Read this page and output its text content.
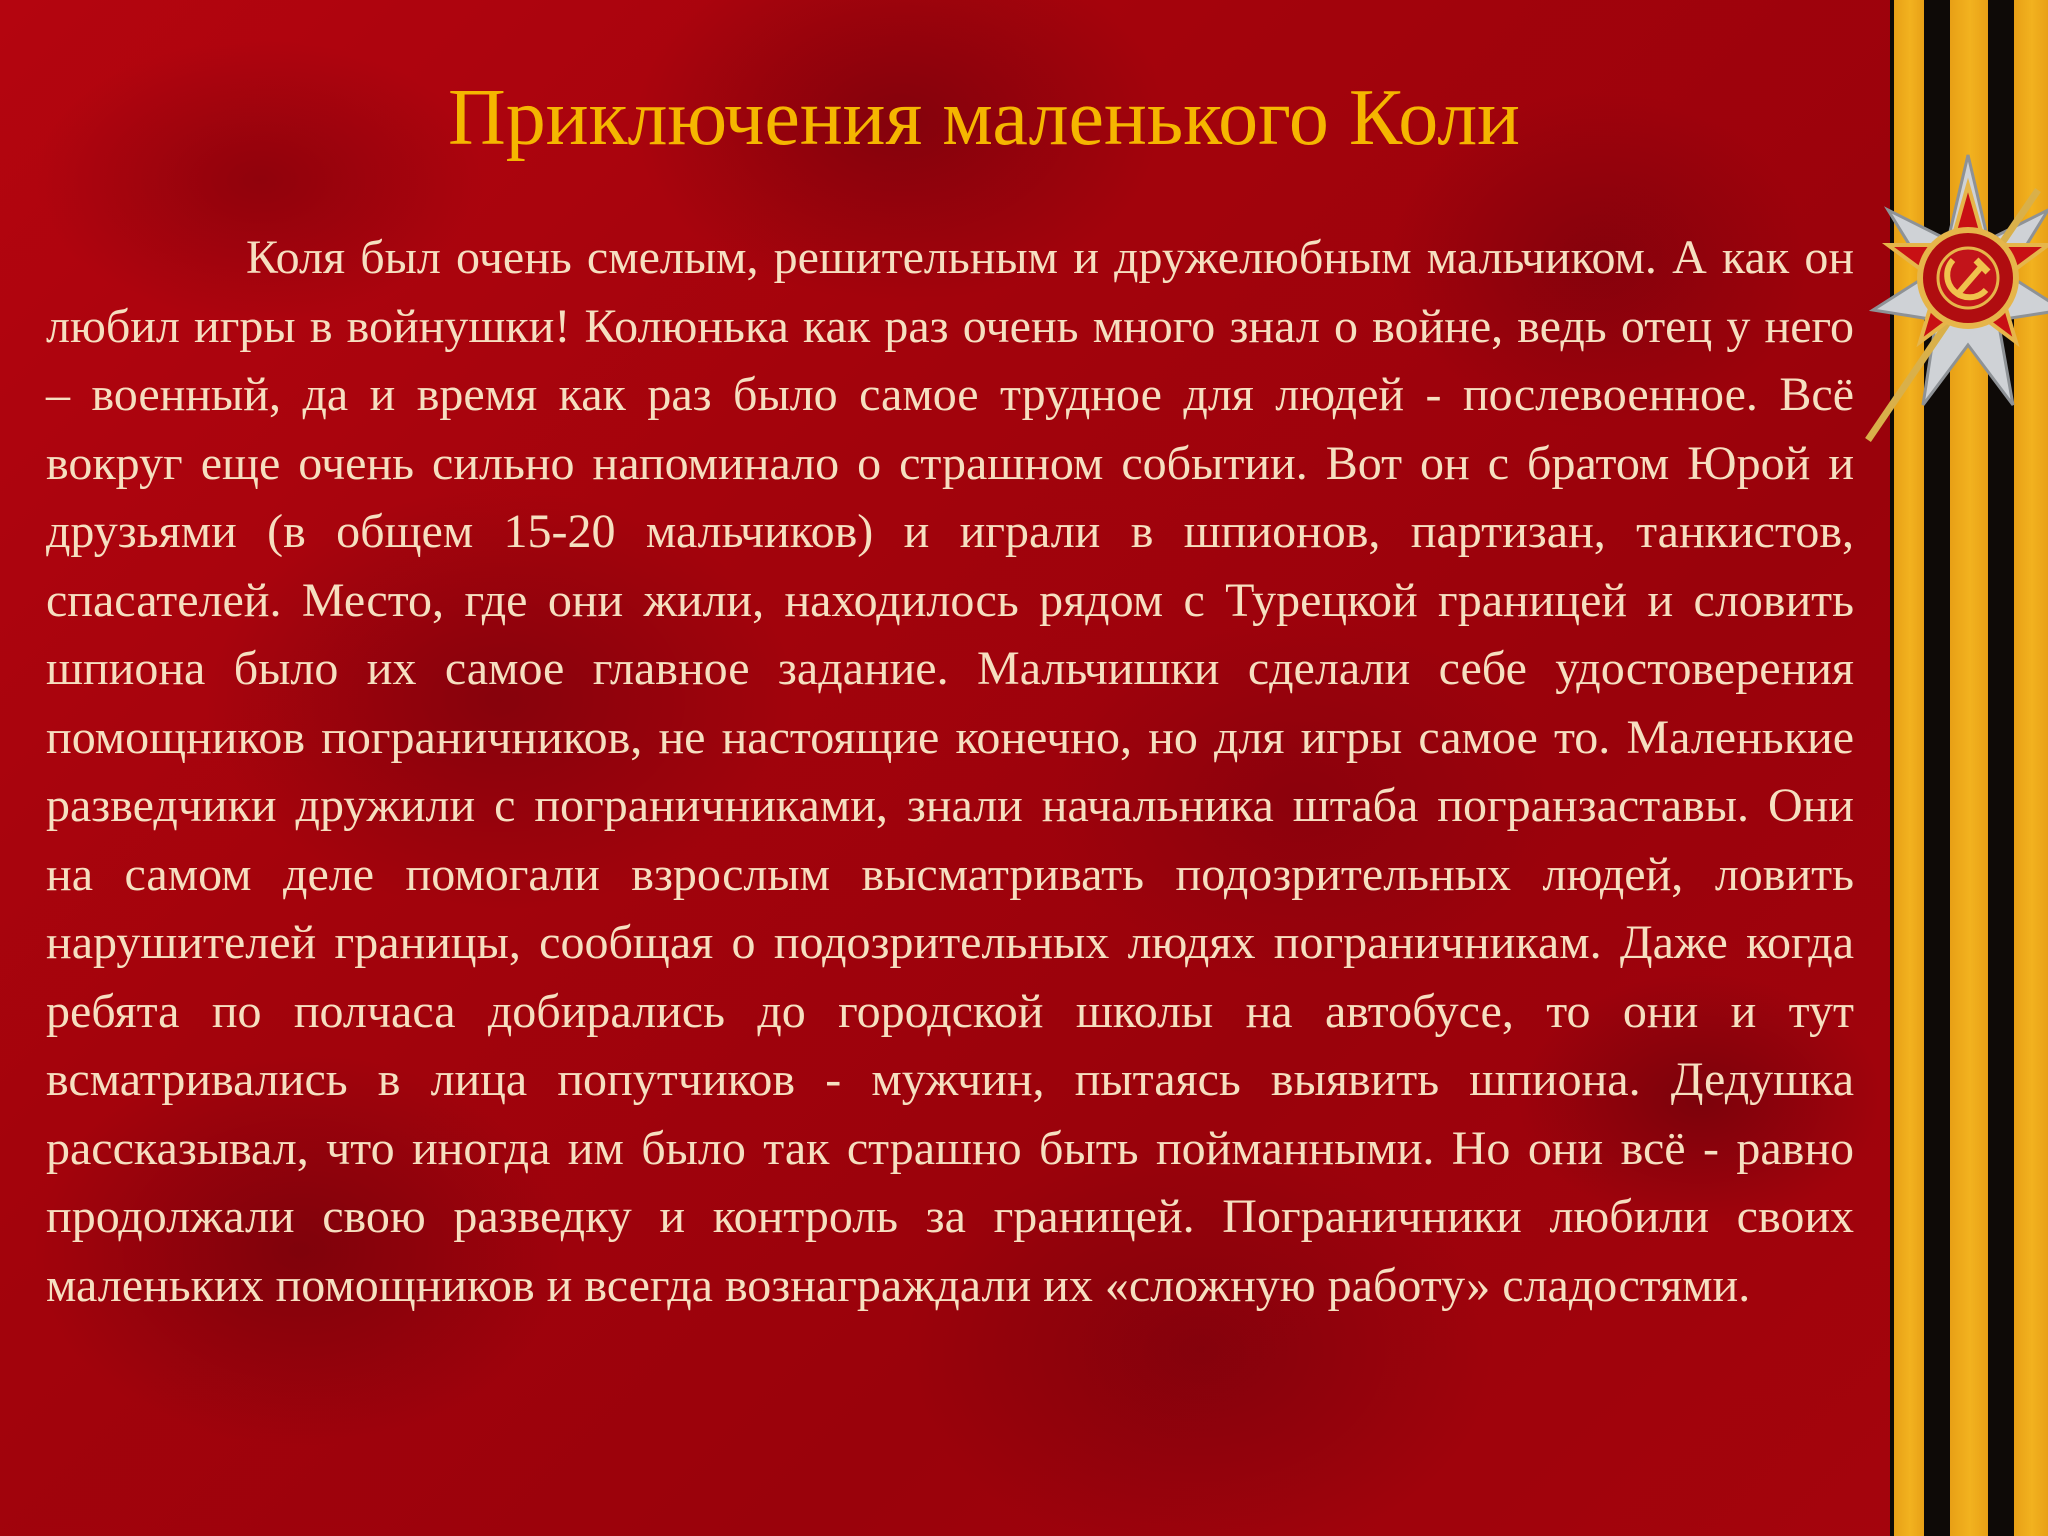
Приключения маленького Коли

Коля был очень смелым, решительным и дружелюбным мальчиком. А как он любил игры в войнушки! Колюнька как раз очень много знал о войне, ведь отец у него – военный, да и время как раз было самое трудное для людей - послевоенное. Всё вокруг еще очень сильно напоминало о страшном событии. Вот он с братом Юрой и друзьями (в общем 15-20 мальчиков) и играли в шпионов, партизан, танкистов, спасателей. Место, где они жили, находилось рядом с Турецкой границей и словить шпиона было их самое главное задание. Мальчишки сделали себе удостоверения помощников пограничников, не настоящие конечно, но для игры самое то. Маленькие разведчики дружили с пограничниками, знали начальника штаба погранзаставы. Они на самом деле помогали взрослым высматривать подозрительных людей, ловить нарушителей границы, сообщая о подозрительных людях пограничникам. Даже когда ребята по полчаса добирались до городской школы на автобусе, то они и тут всматривались в лица попутчиков - мужчин, пытаясь выявить шпиона. Дедушка рассказывал, что иногда им было так страшно быть пойманными. Но они всё - равно продолжали свою разведку и контроль за границей. Пограничники любили своих маленьких помощников и всегда вознаграждали их «сложную работу» сладостями.
